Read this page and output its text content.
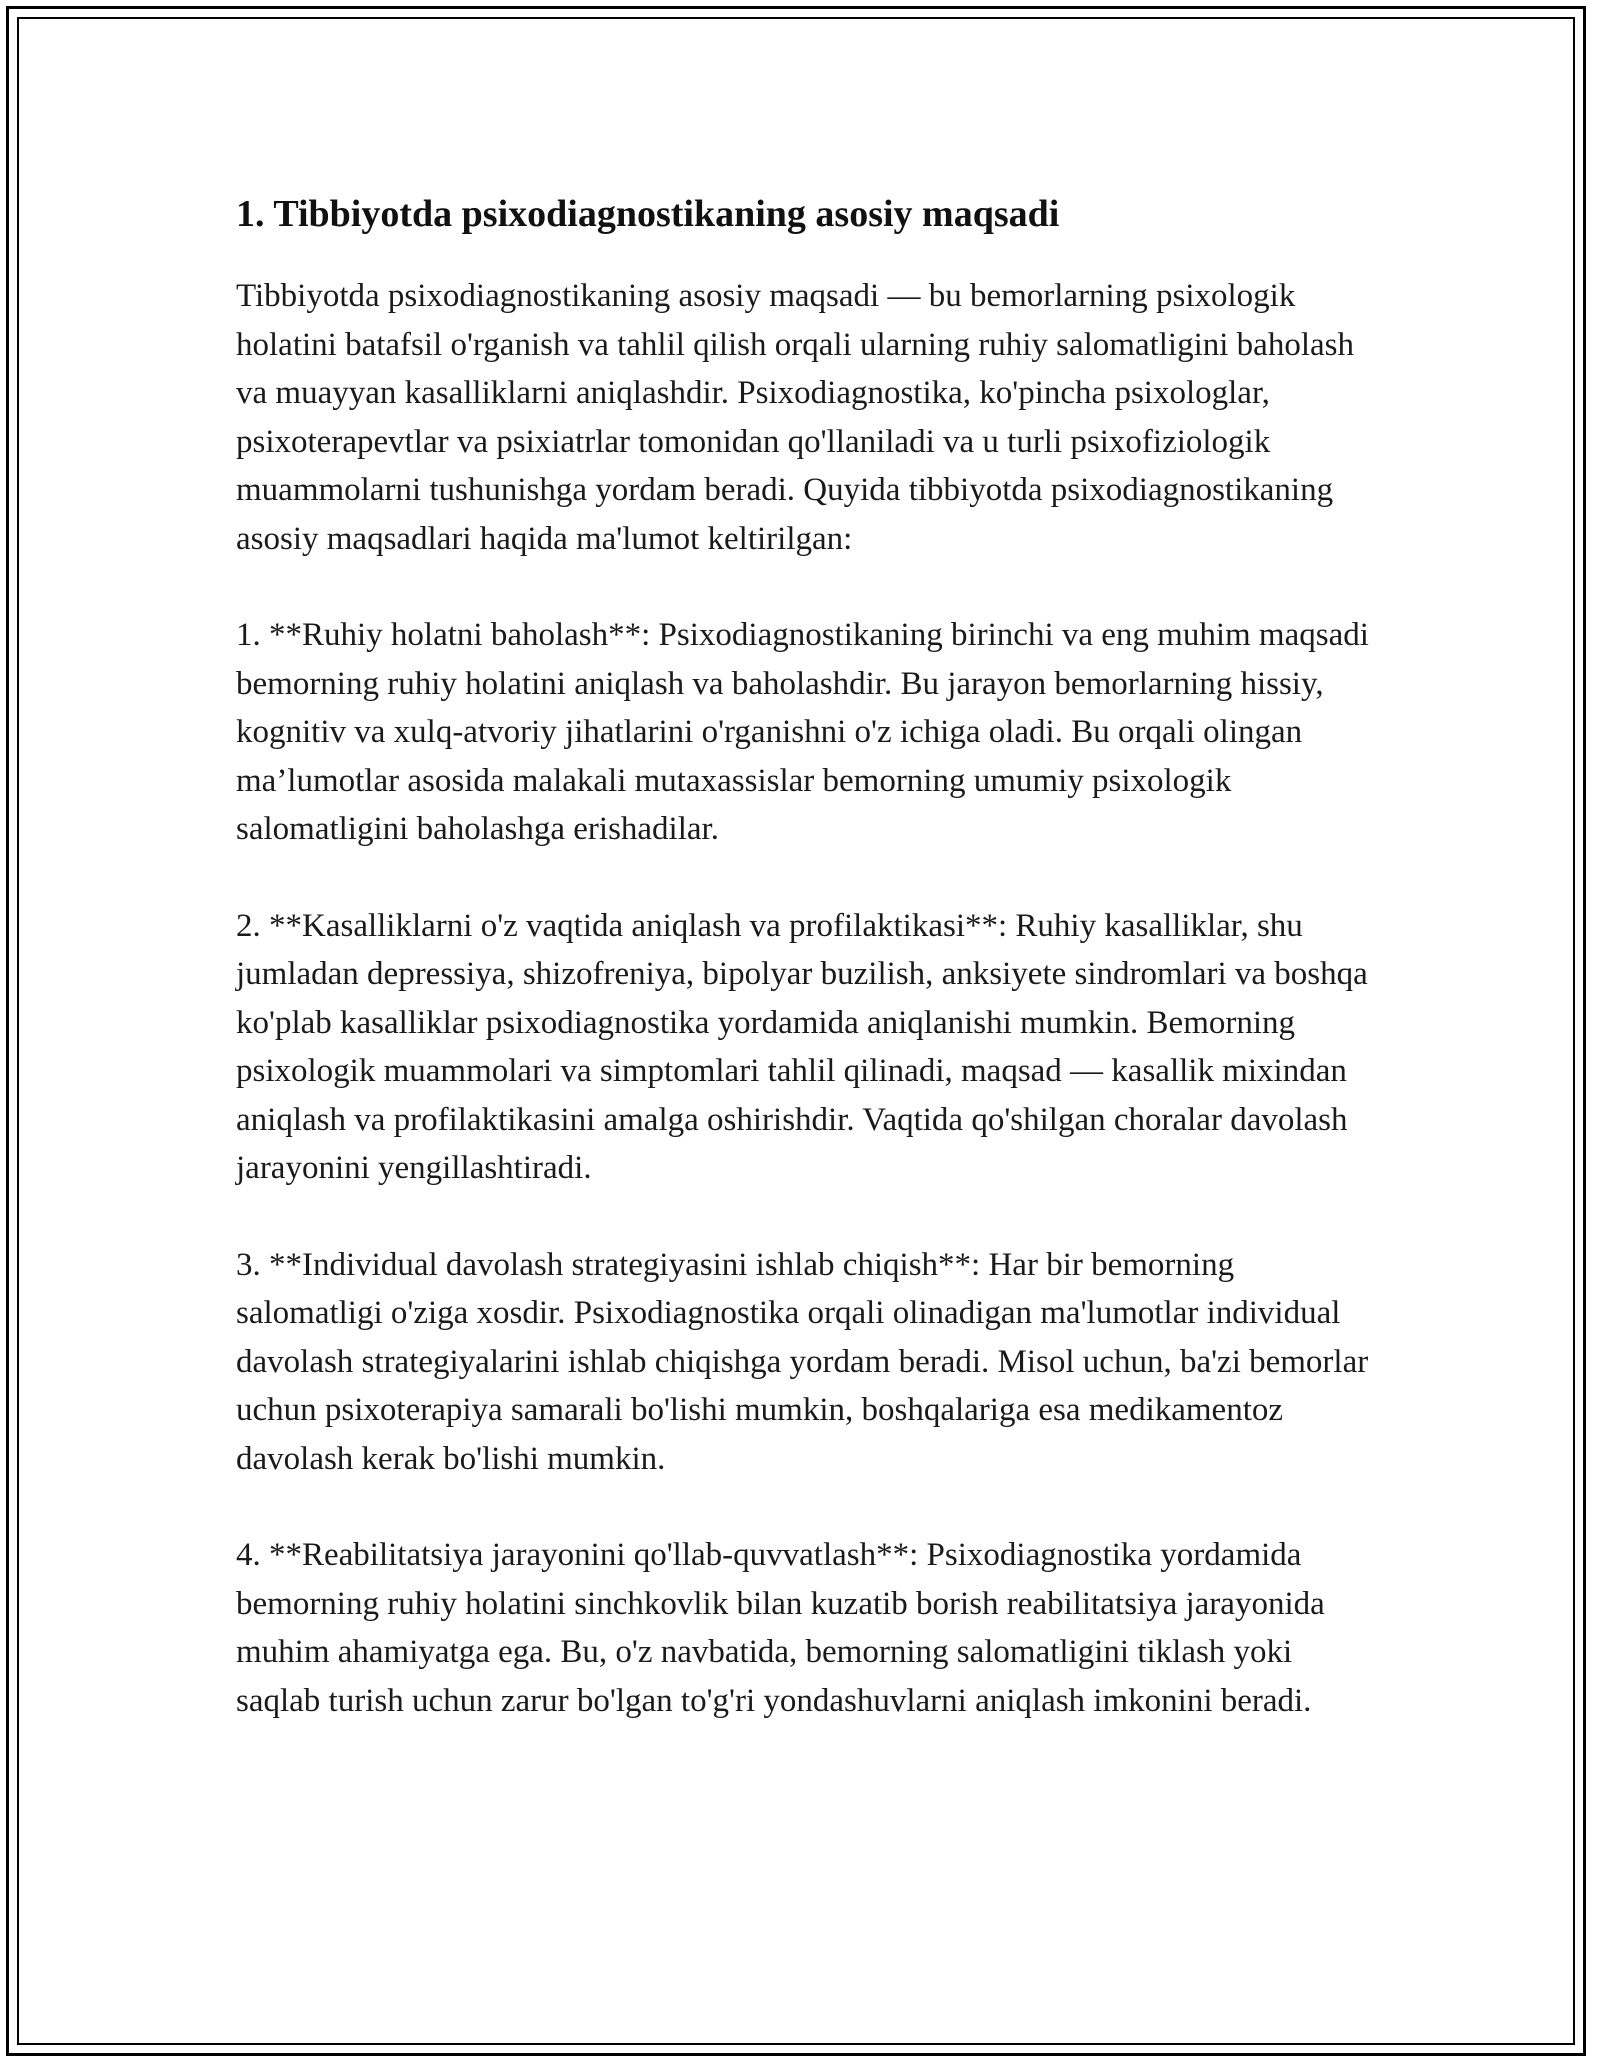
1. Tibbiyotda psixodiagnostikaning asosiy maqsadi

Tibbiyotda psixodiagnostikaning asosiy maqsadi — bu bemorlarning psixologik holatini batafsil o'rganish va tahlil qilish orqali ularning ruhiy salomatligini baholash va muayyan kasalliklarni aniqlashdir. Psixodiagnostika, ko'pincha psixologlar, psixoterapevtlar va psixiatrlar tomonidan qo'llaniladi va u turli psixofiziologik muammolarni tushunishga yordam beradi. Quyida tibbiyotda psixodiagnostikaning asosiy maqsadlari haqida ma'lumot keltirilgan:

1. **Ruhiy holatni baholash**: Psixodiagnostikaning birinchi va eng muhim maqsadi bemorning ruhiy holatini aniqlash va baholashdir. Bu jarayon bemorlarning hissiy, kognitiv va xulq-atvoriy jihatlarini o'rganishni o'z ichiga oladi. Bu orqali olingan ma’lumotlar asosida malakali mutaxassislar bemorning umumiy psixologik salomatligini baholashga erishadilar.

2. **Kasalliklarni o'z vaqtida aniqlash va profilaktikasi**: Ruhiy kasalliklar, shu jumladan depressiya, shizofreniya, bipolyar buzilish, anksiyete sindromlari va boshqa ko'plab kasalliklar psixodiagnostika yordamida aniqlanishi mumkin. Bemorning psixologik muammolari va simptomlari tahlil qilinadi, maqsad — kasallik mixindan aniqlash va profilaktikasini amalga oshirishdir. Vaqtida qo'shilgan choralar davolash jarayonini yengillashtiradi.

3. **Individual davolash strategiyasini ishlab chiqish**: Har bir bemorning salomatligi o'ziga xosdir. Psixodiagnostika orqali olinadigan ma'lumotlar individual davolash strategiyalarini ishlab chiqishga yordam beradi. Misol uchun, ba'zi bemorlar uchun psixoterapiya samarali bo'lishi mumkin, boshqalariga esa medikamentoz davolash kerak bo'lishi mumkin.

4. **Reabilitatsiya jarayonini qo'llab-quvvatlash**: Psixodiagnostika yordamida bemorning ruhiy holatini sinchkovlik bilan kuzatib borish reabilitatsiya jarayonida muhim ahamiyatga ega. Bu, o'z navbatida, bemorning salomatligini tiklash yoki saqlab turish uchun zarur bo'lgan to'g'ri yondashuvlarni aniqlash imkonini beradi.
